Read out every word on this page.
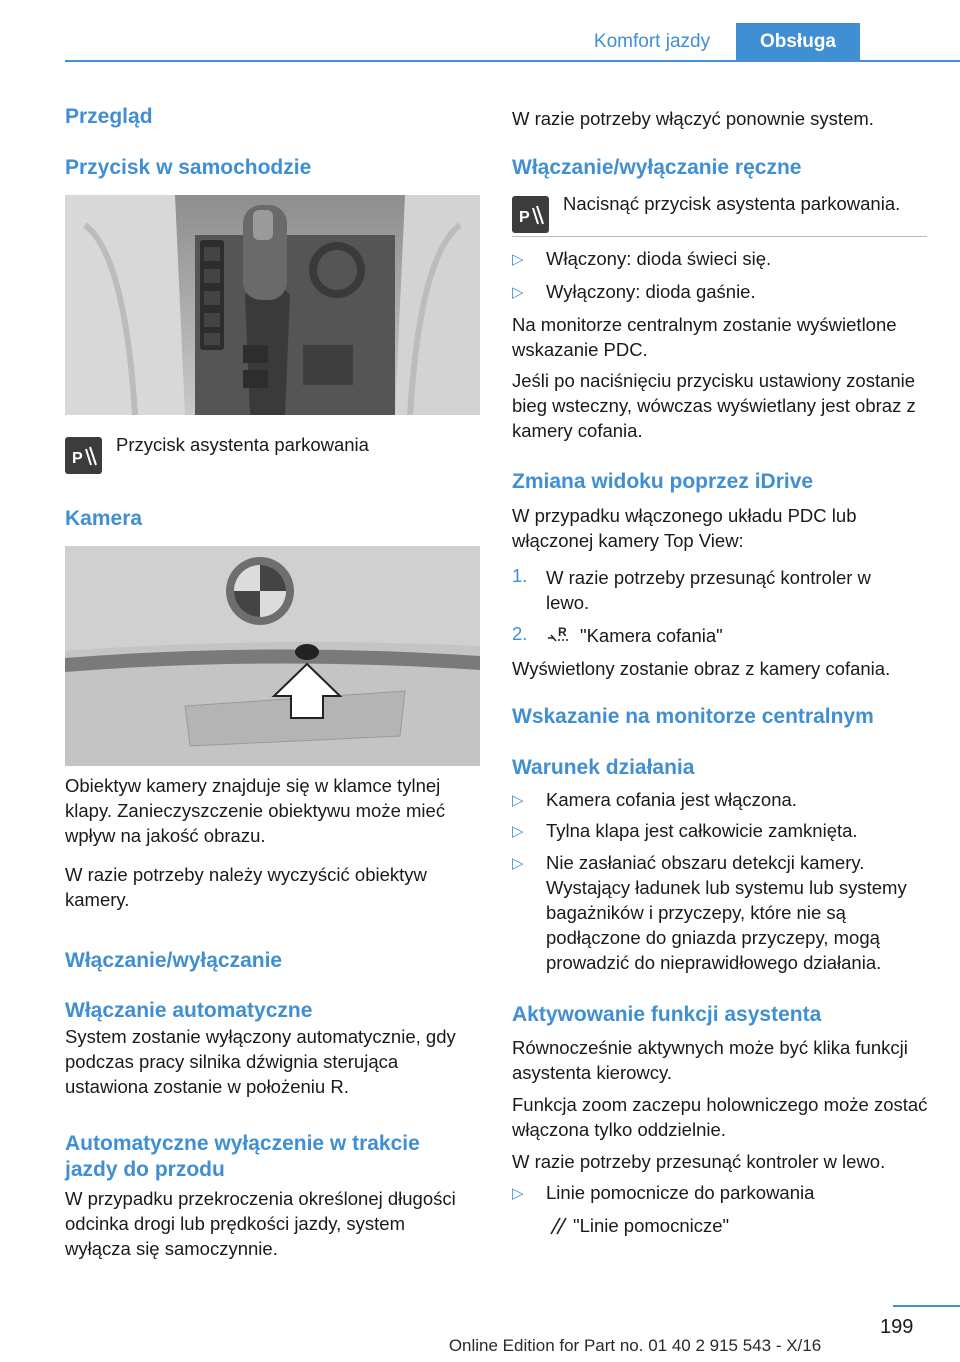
Komfort jazdy	Obsługa
Przegląd
Przycisk w samochodzie
P
Przycisk asystenta parkowania
Kamera
Obiektyw kamery znajduje się w klamce tylnej klapy. Zanieczyszczenie obiektywu może mieć wpływ na jakość obrazu.
W razie potrzeby należy wyczyścić obiektyw kamery.
Włączanie/wyłączanie
Włączanie automatyczne
System zostanie wyłączony automatycznie, gdy podczas pracy silnika dźwignia sterująca ustawiona zostanie w położeniu R.
Automatyczne wyłączenie w trakcie jazdy do przodu
W przypadku przekroczenia określonej długości odcinka drogi lub prędkości jazdy, system wyłącza się samoczynnie.
W razie potrzeby włączyć ponownie system.
Włączanie/wyłączanie ręczne
P
Nacisnąć przycisk asystenta parkowania.
▷ Włączony: dioda świeci się.
▷ Wyłączony: dioda gaśnie.
Na monitorze centralnym zostanie wyświetlone wskazanie PDC.
Jeśli po naciśnięciu przycisku ustawiony zostanie bieg wsteczny, wówczas wyświetlany jest obraz z kamery cofania.
Zmiana widoku poprzez iDrive
W przypadku włączonego układu PDC lub włączonej kamery Top View:
1. W razie potrzeby przesunąć kontroler w lewo.
2.	R "Kamera cofania"
Wyświetlony zostanie obraz z kamery cofania.
Wskazanie na monitorze centralnym
Warunek działania
▷ Kamera cofania jest włączona.
▷ Tylna klapa jest całkowicie zamknięta.
▷ Nie zasłaniać obszaru detekcji kamery. Wystający ładunek lub systemu lub systemy bagażników i przyczepy, które nie są podłączone do gniazda przyczepy, mogą prowadzić do nieprawidłowego działania.
Aktywowanie funkcji asystenta
Równocześnie aktywnych może być klika funkcji asystenta kierowcy.
Funkcja zoom zaczepu holowniczego może zostać włączona tylko oddzielnie.
W razie potrzeby przesunąć kontroler w lewo.
▷ Linie pomocnicze do parkowania
"Linie pomocnicze"
199
Online Edition for Part no. 01 40 2 915 543 - X/16
